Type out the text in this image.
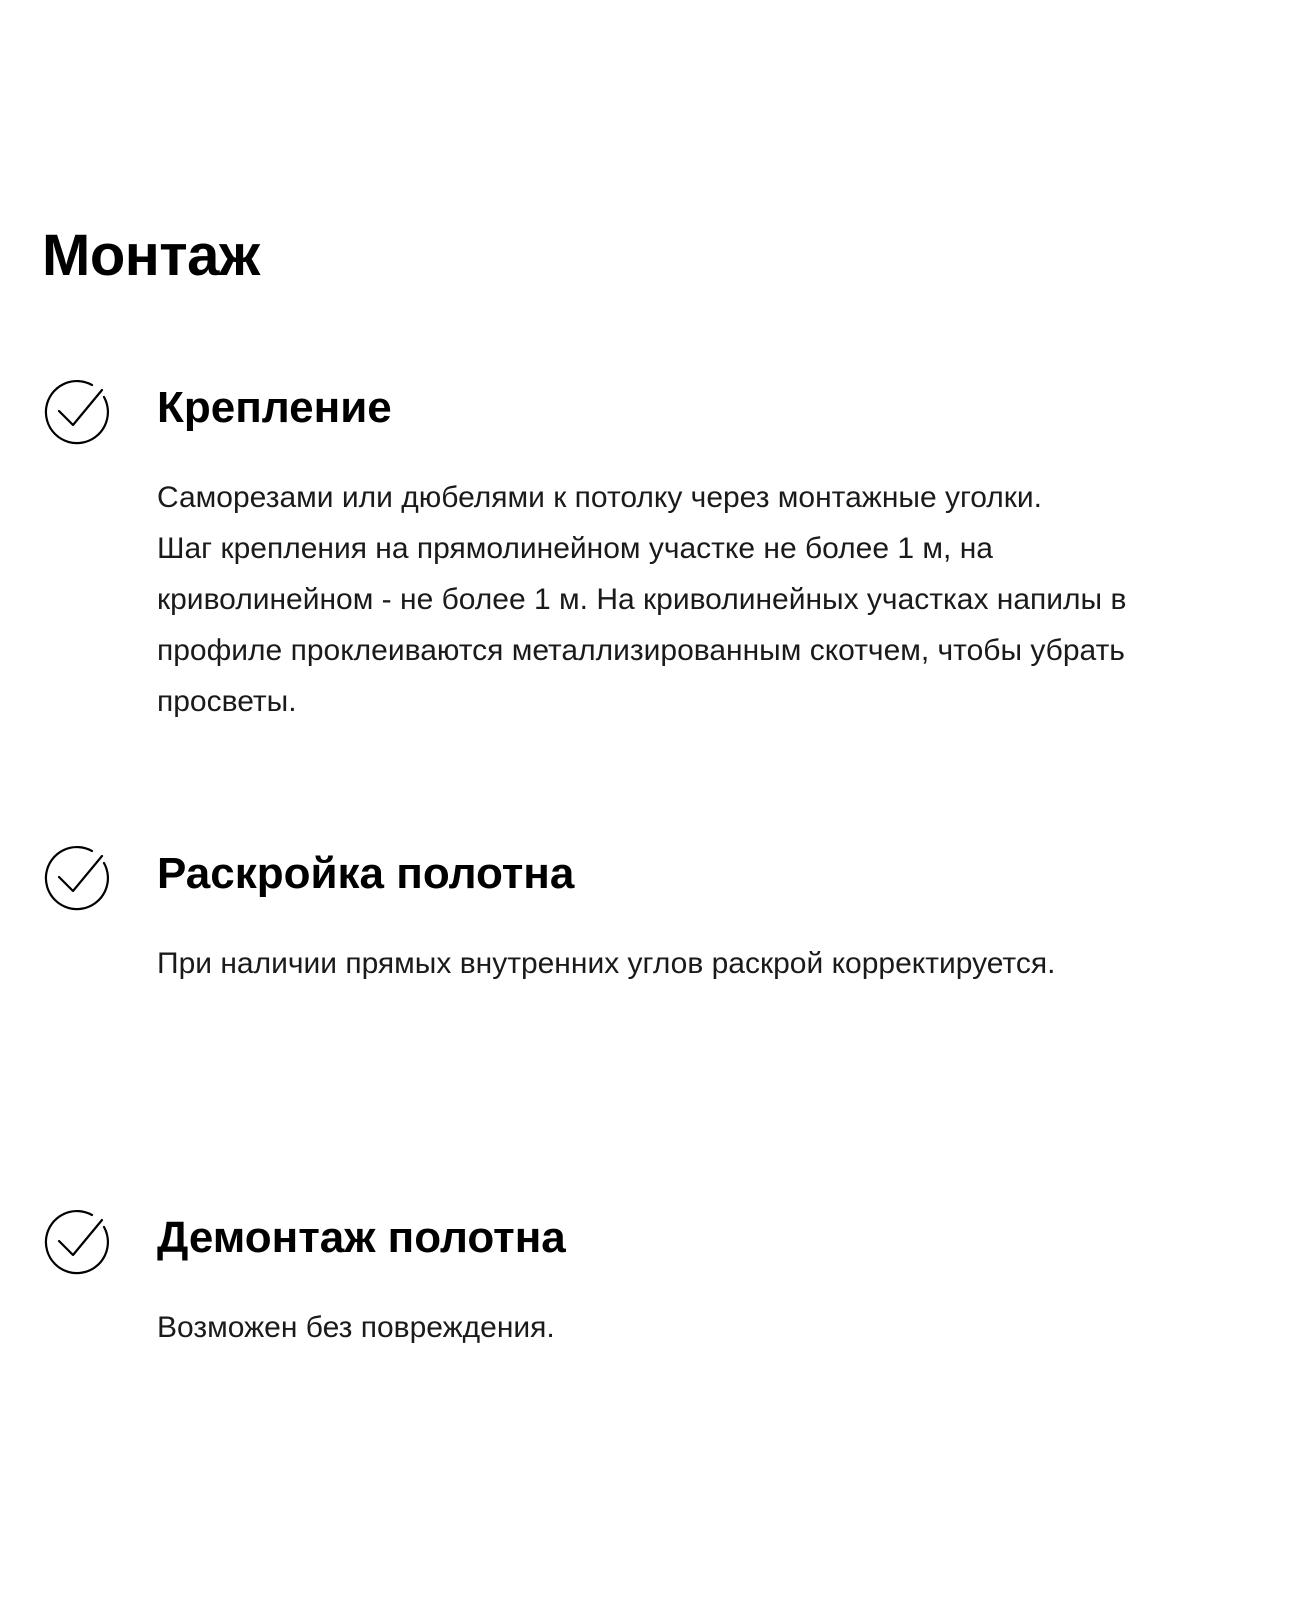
Монтаж
Крепление

Саморезами или дюбелями к потолку через монтажные уголки.
Шаг крепления на прямолинейном участке не более 1 м, на
криволинейном - не более 1 м. На криволинейных участках напилы в
профиле проклеиваются металлизированным скотчем, чтобы убрать
просветы.

Раскройка полотна

При наличии прямых внутренних углов раскрой корректируется.

Демонтаж полотна

Возможен без повреждения.
